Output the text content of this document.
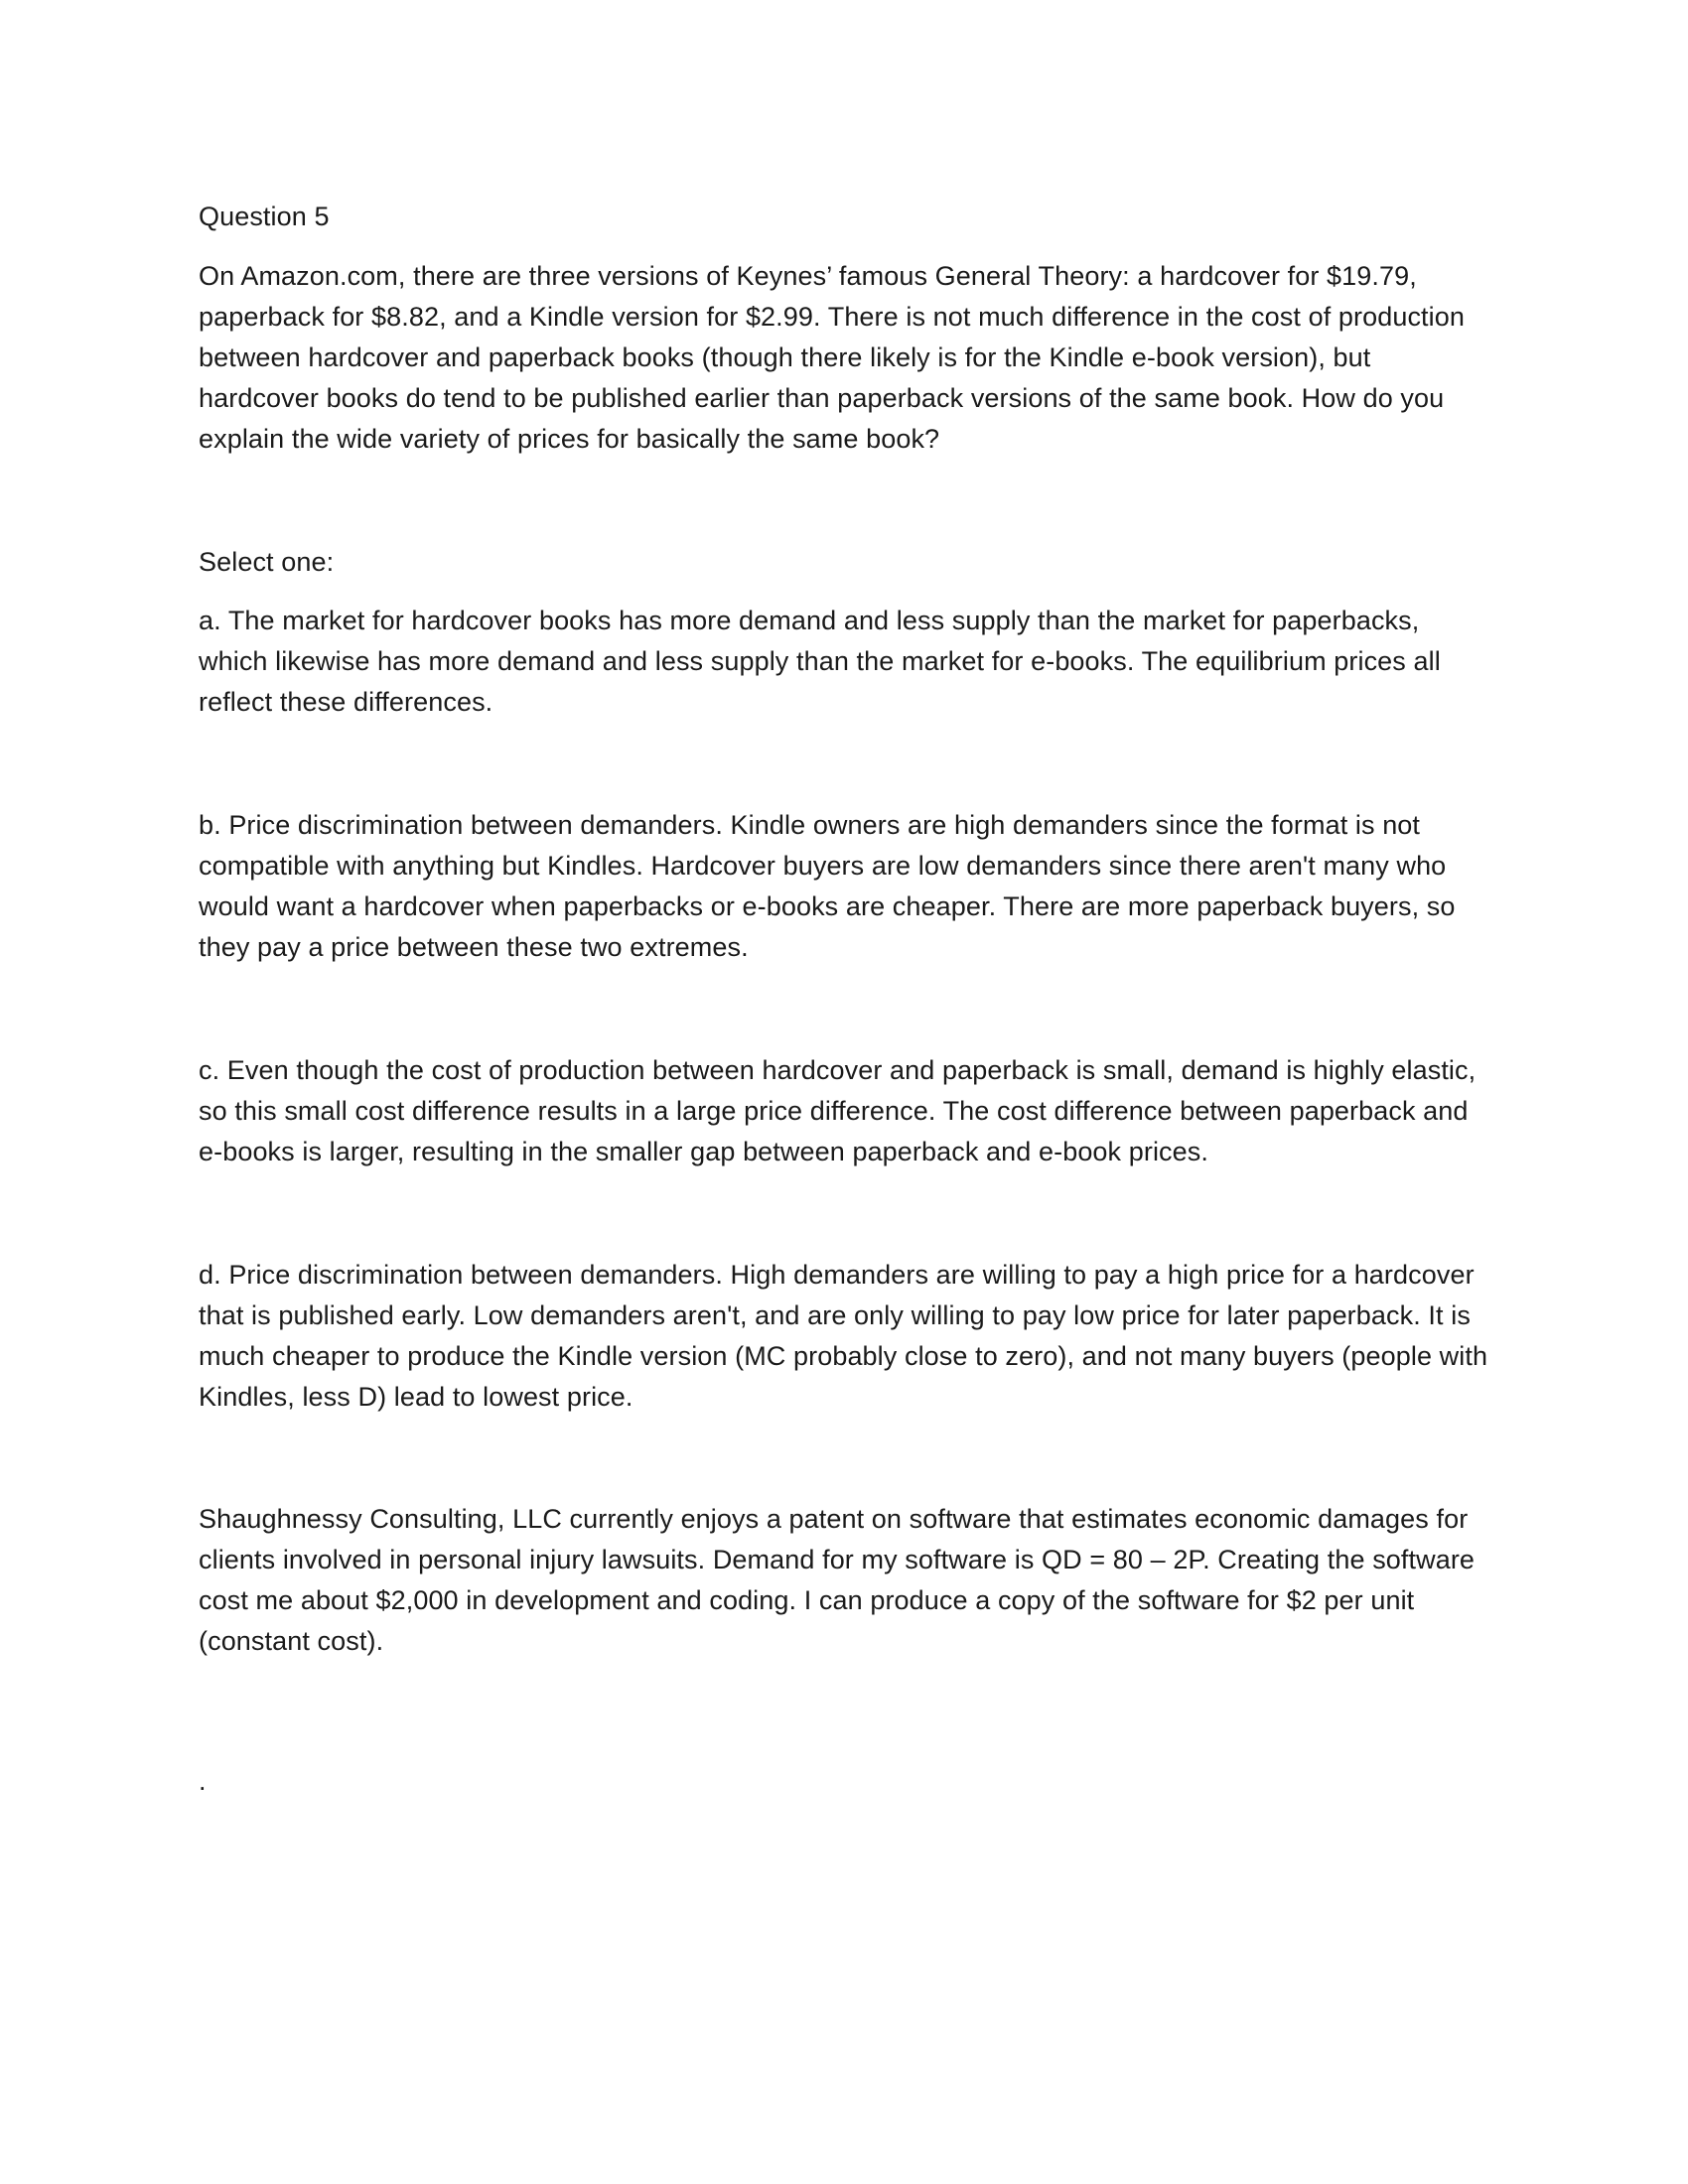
Question 5

On Amazon.com, there are three versions of Keynes’ famous General Theory: a hardcover for $19.79, paperback for $8.82, and a Kindle version for $2.99. There is not much difference in the cost of production between hardcover and paperback books (though there likely is for the Kindle e-book version), but hardcover books do tend to be published earlier than paperback versions of the same book. How do you explain the wide variety of prices for basically the same book?

Select one:

a. The market for hardcover books has more demand and less supply than the market for paperbacks, which likewise has more demand and less supply than the market for e-books. The equilibrium prices all reflect these differences.

b. Price discrimination between demanders. Kindle owners are high demanders since the format is not compatible with anything but Kindles. Hardcover buyers are low demanders since there aren't many who would want a hardcover when paperbacks or e-books are cheaper. There are more paperback buyers, so they pay a price between these two extremes.

c. Even though the cost of production between hardcover and paperback is small, demand is highly elastic, so this small cost difference results in a large price difference. The cost difference between paperback and e-books is larger, resulting in the smaller gap between paperback and e-book prices.

d. Price discrimination between demanders. High demanders are willing to pay a high price for a hardcover that is published early. Low demanders aren't, and are only willing to pay low price for later paperback. It is much cheaper to produce the Kindle version (MC probably close to zero), and not many buyers (people with Kindles, less D) lead to lowest price.

Shaughnessy Consulting, LLC currently enjoys a patent on software that estimates economic damages for clients involved in personal injury lawsuits. Demand for my software is QD = 80 – 2P. Creating the software cost me about $2,000 in development and coding. I can produce a copy of the software for $2 per unit (constant cost).

.
